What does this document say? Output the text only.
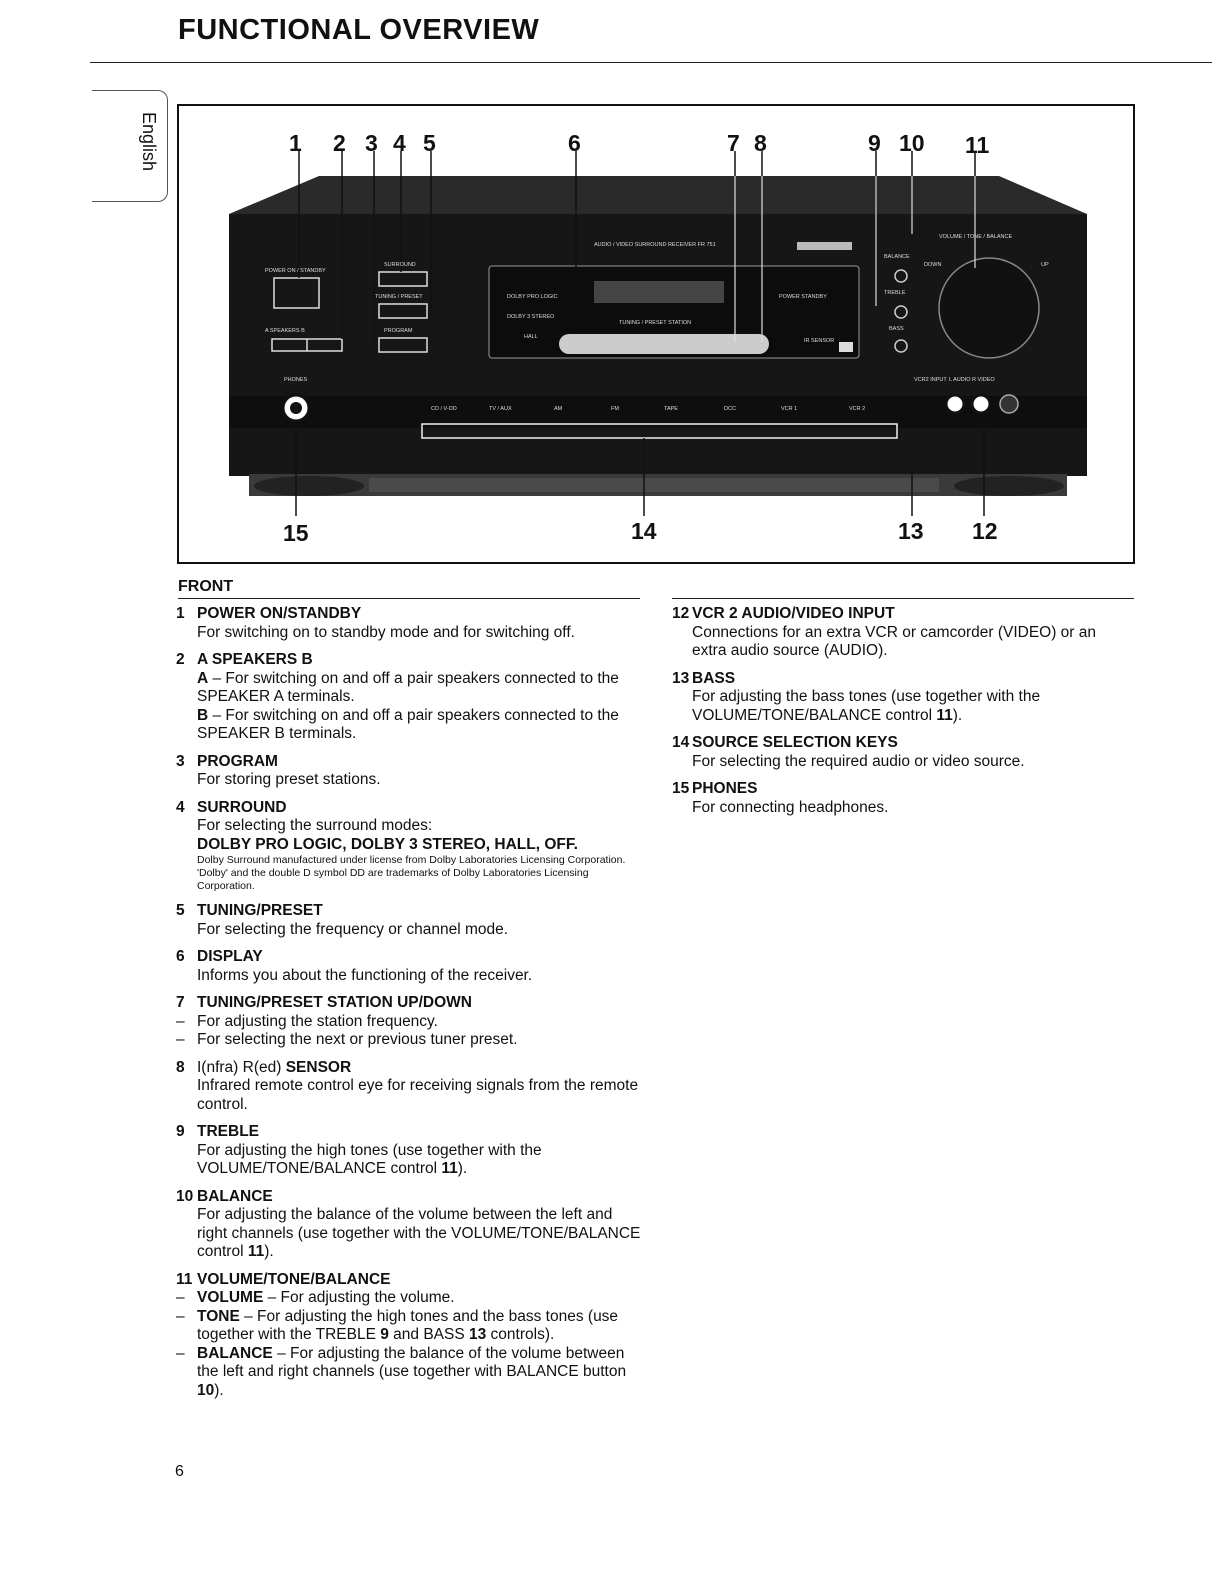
FUNCTIONAL OVERVIEW
English
POWER ON / STANDBY
A SPEAKERS B
PHONES
SURROUND
TUNING / PRESET
PROGRAM
AUDIO / VIDEO SURROUND RECEIVER FR 751
DOLBY PRO LOGIC
DOLBY 3 STEREO
HALL
TUNING / PRESET STATION
POWER STANDBY
IR SENSOR
VOLUME / TONE / BALANCE
BALANCE
TREBLE
BASS
DOWN	UP
VCR2 INPUT L AUDIO R VIDEO
CD / V-DD	TV / AUX	AM	FM	TAPE	DCC	VCR 1	VCR 2
1 2 3 4 5	6	7 8	9 10 11
15	14	13 12
FRONT
1 POWER ON/STANDBY

For switching on to standby mode and for switching off.

2 A SPEAKERS B

A – For switching on and off a pair speakers connected to the SPEAKER A terminals.

B – For switching on and off a pair speakers connected to the SPEAKER B terminals.

3 PROGRAM

For storing preset stations.

4 SURROUND

For selecting the surround modes:

DOLBY PRO LOGIC, DOLBY 3 STEREO, HALL, OFF.

Dolby Surround manufactured under license from Dolby Laboratories Licensing Corporation. 'Dolby' and the double D symbol DD are trademarks of Dolby Laboratories Licensing Corporation.

5 TUNING/PRESET

For selecting the frequency or channel mode.

6 DISPLAY

Informs you about the functioning of the receiver.

7 TUNING/PRESET STATION UP/DOWN
– For adjusting the station frequency.
– For selecting the next or previous tuner preset.
8 I(nfra) R(ed) SENSOR

Infrared remote control eye for receiving signals from the remote control.

9 TREBLE

For adjusting the high tones (use together with the VOLUME/TONE/BALANCE control 11).

10 BALANCE

For adjusting the balance of the volume between the left and right channels (use together with the VOLUME/TONE/BALANCE control 11).

11 VOLUME/TONE/BALANCE
– VOLUME – For adjusting the volume.
– TONE – For adjusting the high tones and the bass tones (use together with the TREBLE 9 and BASS 13 controls).
– BALANCE – For adjusting the balance of the volume between the left and right channels (use together with BALANCE button 10).
12 VCR 2 AUDIO/VIDEO INPUT

Connections for an extra VCR or camcorder (VIDEO) or an extra audio source (AUDIO).

13 BASS

For adjusting the bass tones (use together with the VOLUME/TONE/BALANCE control 11).

14 SOURCE SELECTION KEYS

For selecting the required audio or video source.

15 PHONES

For connecting headphones.

6
